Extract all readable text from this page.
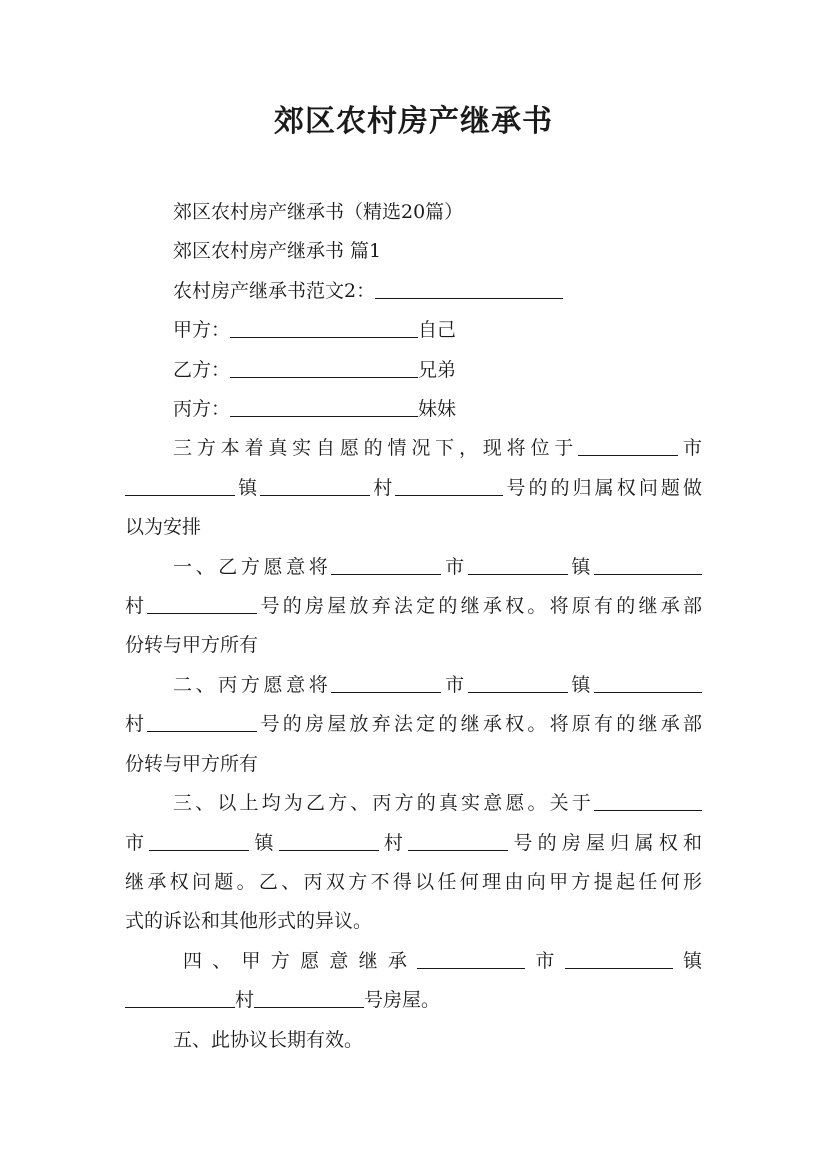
郊区农村房产继承书

郊区农村房产继承书（精选20篇）

郊区农村房产继承书 篇1

农村房产继承书范文2：

甲方：	自己

乙方：	兄弟

丙方：	妹妹

三方本着真实自愿的情况下，现将位于	市

镇	村	号的的归属权问题做

以为安排

一、乙方愿意将	市	镇

村	号的房屋放弃法定的继承权。将原有的继承部

份转与甲方所有

二、丙方愿意将	市	镇

村	号的房屋放弃法定的继承权。将原有的继承部

份转与甲方所有

三、以上均为乙方、丙方的真实意愿。关于

市	镇	村	号的房屋归属权和

继承权问题。乙、丙双方不得以任何理由向甲方提起任何形

式的诉讼和其他形式的异议。

四、甲方愿意继承	市	镇

村	号房屋。

五、此协议长期有效。
